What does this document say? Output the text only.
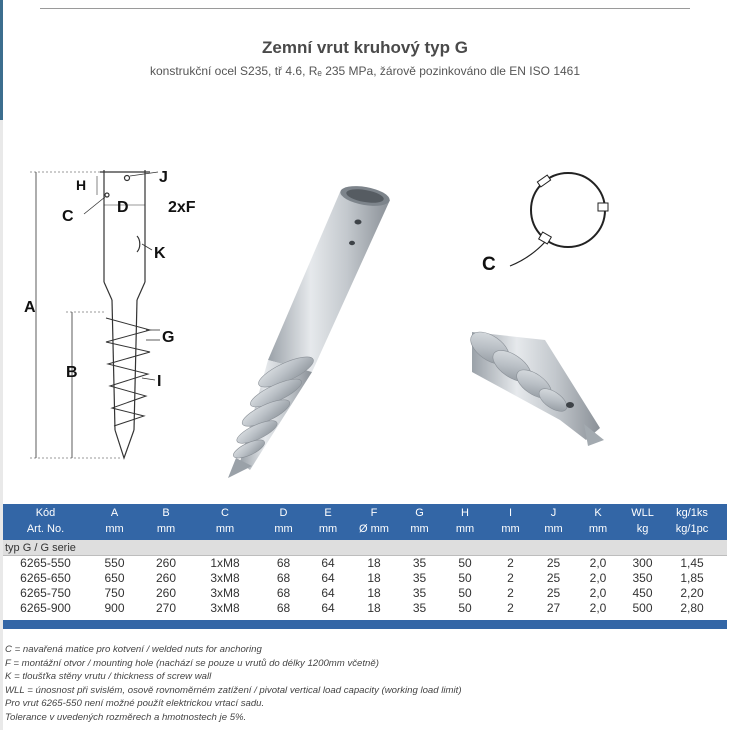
Zemní vrut kruhový typ G
konstrukční ocel S235, tř 4.6, Rₑ 235 MPa, žárově pozinkováno dle EN ISO 1461
H	J
C
D 2xF
K
A
G
B
I
C
Kód	A	B	C	D	E	F	G	H	I	J	K	WLL	kg/1ks
Art. No.	mm	mm	mm	mm	mm	Ø mm	mm	mm	mm	mm	mm	kg	kg/1pc
typ G / G serie
6265-550	550	260	1xM8	68	64	18	35	50	2	25	2,0	300	1,45
6265-650	650	260	3xM8	68	64	18	35	50	2	25	2,0	350	1,85
6265-750	750	260	3xM8	68	64	18	35	50	2	25	2,0	450	2,20
6265-900	900	270	3xM8	68	64	18	35	50	2	27	2,0	500	2,80
C = navařená matice pro kotvení / welded nuts for anchoring
F = montážní otvor / mounting hole (nachází se pouze u vrutů do délky 1200mm včetně)
K = tloušťka stěny vrutu / thickness of screw wall
WLL = únosnost při svislém, osově rovnoměrném zatížení / pivotal vertical load capacity (working load limit)
Pro vrut 6265-550 není možné použít elektrickou vrtací sadu.
Tolerance v uvedených rozměrech a hmotnostech je 5%.
